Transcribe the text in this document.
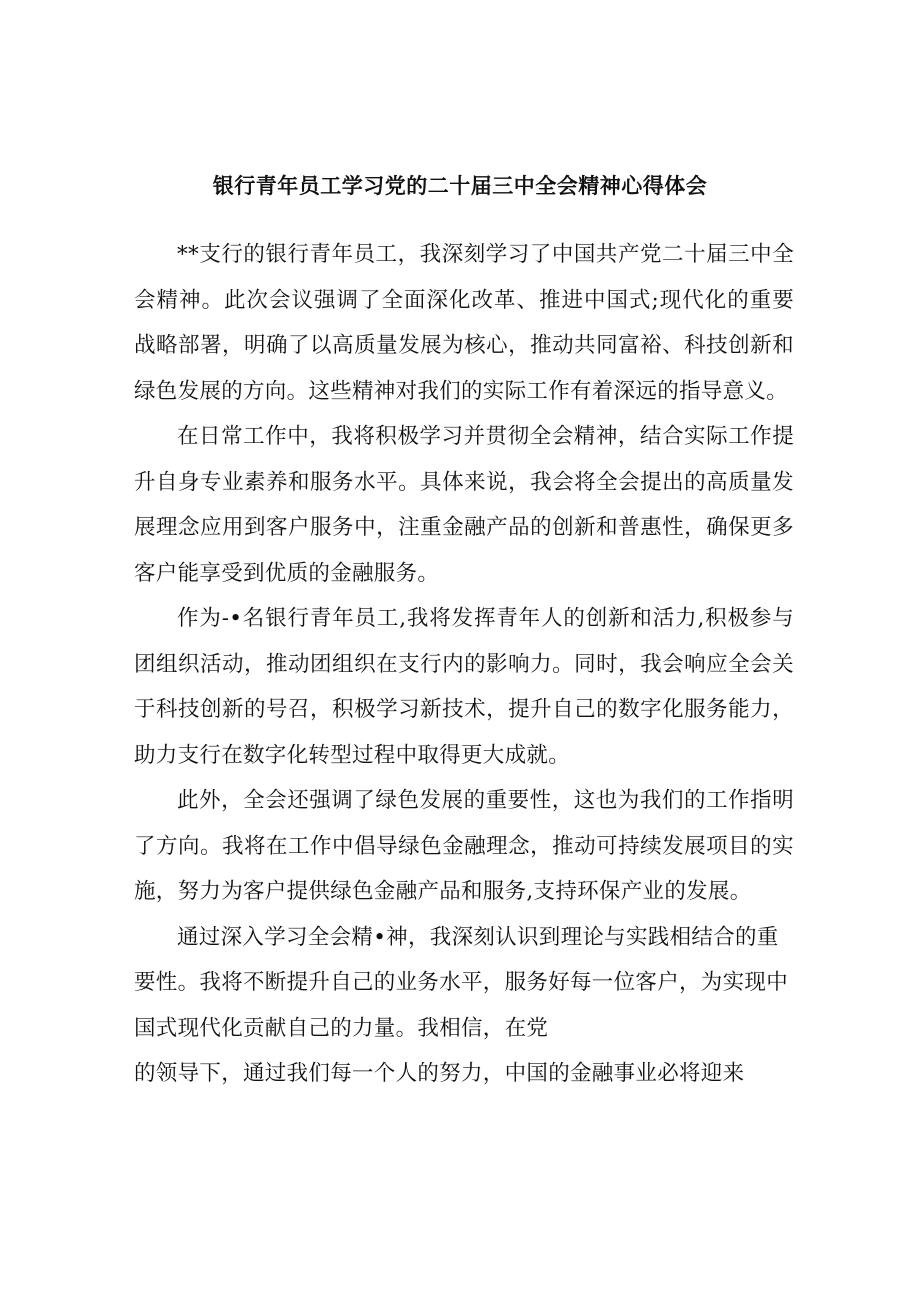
银行青年员工学习党的二十届三中全会精神心得体会

**支行的银行青年员工，我深刻学习了中国共产党二十届三中全会精神。此次会议强调了全面深化改革、推进中国式;现代化的重要战略部署，明确了以高质量发展为核心，推动共同富裕、科技创新和绿色发展的方向。这些精神对我们的实际工作有着深远的指导意义。

在日常工作中，我将积极学习并贯彻全会精神，结合实际工作提升自身专业素养和服务水平。具体来说，我会将全会提出的高质量发展理念应用到客户服务中，注重金融产品的创新和普惠性，确保更多客户能享受到优质的金融服务。

作为-•名银行青年员工,我将发挥青年人的创新和活力,积极参与团组织活动，推动团组织在支行内的影响力。同时，我会响应全会关于科技创新的号召，积极学习新技术，提升自己的数字化服务能力，助力支行在数字化转型过程中取得更大成就。

此外，全会还强调了绿色发展的重要性，这也为我们的工作指明了方向。我将在工作中倡导绿色金融理念，推动可持续发展项目的实施，努力为客户提供绿色金融产品和服务,支持环保产业的发展。

通过深入学习全会精•神，我深刻认识到理论与实践相结合的重要性。我将不断提升自己的业务水平，服务好每一位客户，为实现中国式现代化贡献自己的力量。我相信，在党

的领导下，通过我们每一个人的努力，中国的金融事业必将迎来
